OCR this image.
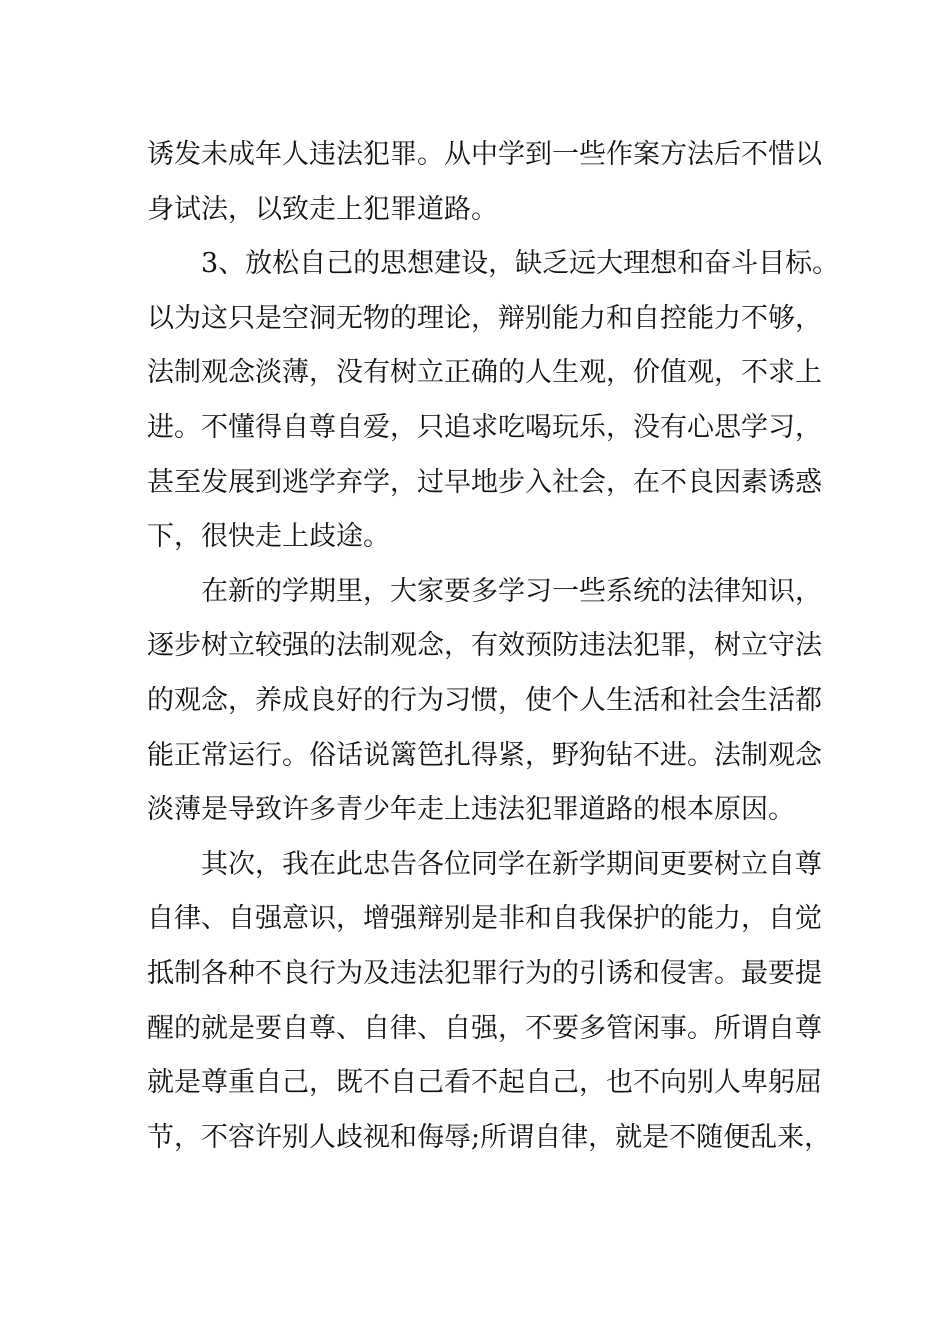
诱发未成年人违法犯罪。从中学到一些作案方法后不惜以
身试法，以致走上犯罪道路。
3、放松自己的思想建设，缺乏远大理想和奋斗目标。
以为这只是空洞无物的理论，辩别能力和自控能力不够，
法制观念淡薄，没有树立正确的人生观，价值观，不求上
进。不懂得自尊自爱，只追求吃喝玩乐，没有心思学习，
甚至发展到逃学弃学，过早地步入社会，在不良因素诱惑
下，很快走上歧途。
在新的学期里，大家要多学习一些系统的法律知识，
逐步树立较强的法制观念，有效预防违法犯罪，树立守法
的观念，养成良好的行为习惯，使个人生活和社会生活都
能正常运行。俗话说篱笆扎得紧，野狗钻不进。法制观念
淡薄是导致许多青少年走上违法犯罪道路的根本原因。
其次，我在此忠告各位同学在新学期间更要树立自尊
自律、自强意识，增强辩别是非和自我保护的能力，自觉
抵制各种不良行为及违法犯罪行为的引诱和侵害。最要提
醒的就是要自尊、自律、自强，不要多管闲事。所谓自尊
就是尊重自己，既不自己看不起自己，也不向别人卑躬屈
节，不容许别人歧视和侮辱;所谓自律，就是不随便乱来，
